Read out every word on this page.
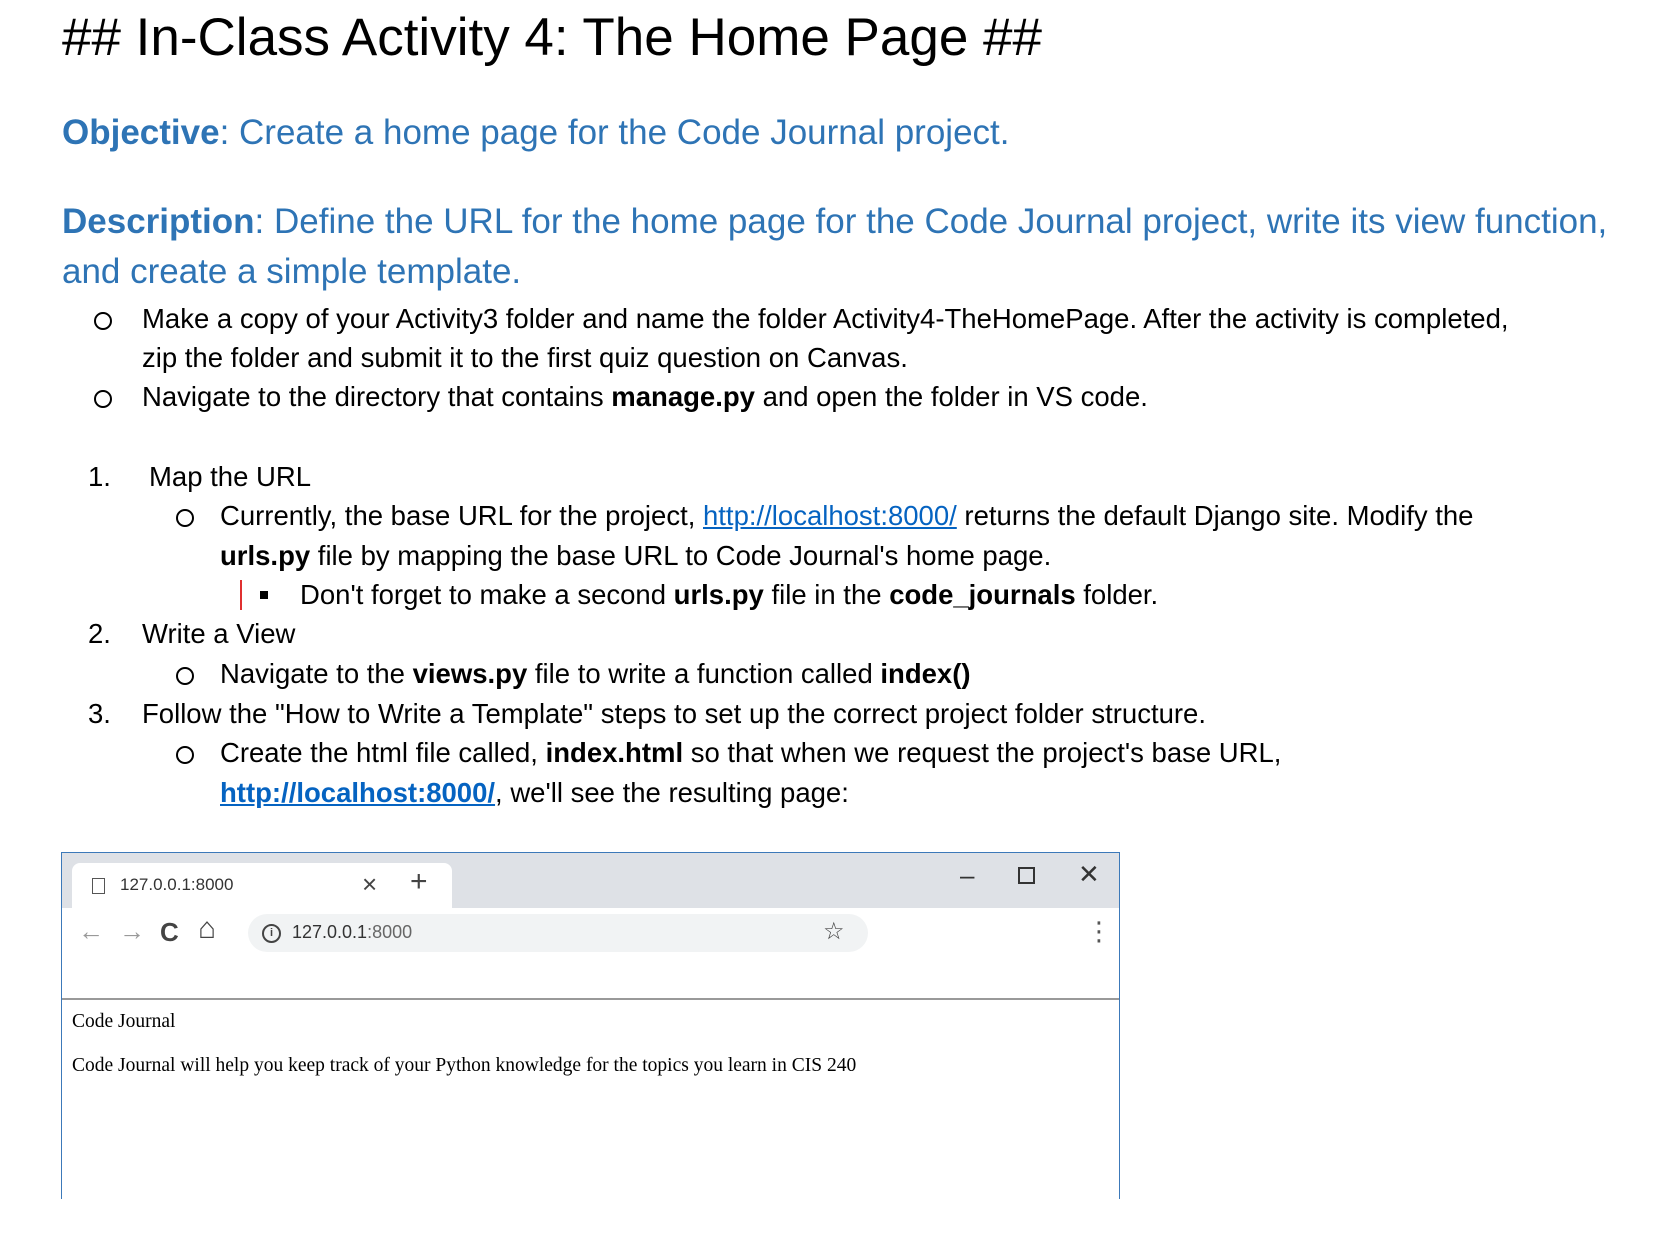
## In-Class Activity 4: The Home Page ##

Objective: Create a home page for the Code Journal project.

Description: Define the URL for the home page for the Code Journal project, write its view function, and create a simple template.

Make a copy of your Activity3 folder and name the folder Activity4-TheHomePage. After the activity is completed,

zip the folder and submit it to the first quiz question on Canvas.

Navigate to the directory that contains manage.py and open the folder in VS code.

1. Map the URL

Currently, the base URL for the project, http://localhost:8000/ returns the default Django site. Modify the

urls.py file by mapping the base URL to Code Journal's home page.

Don't forget to make a second urls.py file in the code_journals folder.

2. Write a View

Navigate to the views.py file to write a function called index()

3. Follow the "How to Write a Template" steps to set up the correct project folder structure.

Create the html file called, index.html so that when we request the project's base URL,

http://localhost:8000/, we'll see the resulting page:

127.0.0.1:8000	× +	–	✕
← → C ⌂	i	127.0.0.1:8000	☆	⋮
Code Journal
Code Journal will help you keep track of your Python knowledge for the topics you learn in CIS 240
